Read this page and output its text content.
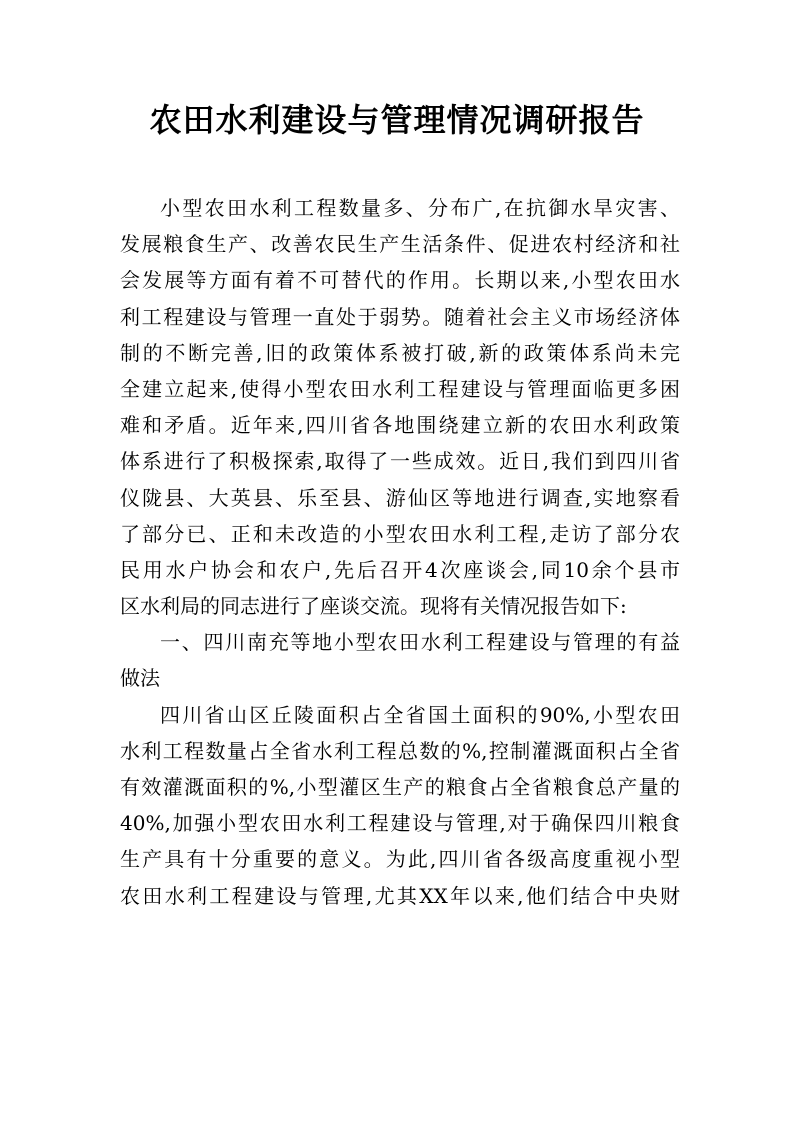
农田水利建设与管理情况调研报告
小型农田水利工程数量多、分布广,在抗御水旱灾害、
发展粮食生产、改善农民生产生活条件、促进农村经济和社
会发展等方面有着不可替代的作用。长期以来,小型农田水
利工程建设与管理一直处于弱势。随着社会主义市场经济体
制的不断完善,旧的政策体系被打破,新的政策体系尚未完
全建立起来,使得小型农田水利工程建设与管理面临更多困
难和矛盾。近年来,四川省各地围绕建立新的农田水利政策
体系进行了积极探索,取得了一些成效。近日,我们到四川省
仪陇县、大英县、乐至县、游仙区等地进行调查,实地察看
了部分已、正和未改造的小型农田水利工程,走访了部分农
民用水户协会和农户,先后召开4次座谈会,同10余个县市
区水利局的同志进行了座谈交流。现将有关情况报告如下:
一、四川南充等地小型农田水利工程建设与管理的有益
做法
四川省山区丘陵面积占全省国土面积的90%,小型农田
水利工程数量占全省水利工程总数的%,控制灌溉面积占全省
有效灌溉面积的%,小型灌区生产的粮食占全省粮食总产量的
40%,加强小型农田水利工程建设与管理,对于确保四川粮食
生产具有十分重要的意义。为此,四川省各级高度重视小型
农田水利工程建设与管理,尤其XX年以来,他们结合中央财
